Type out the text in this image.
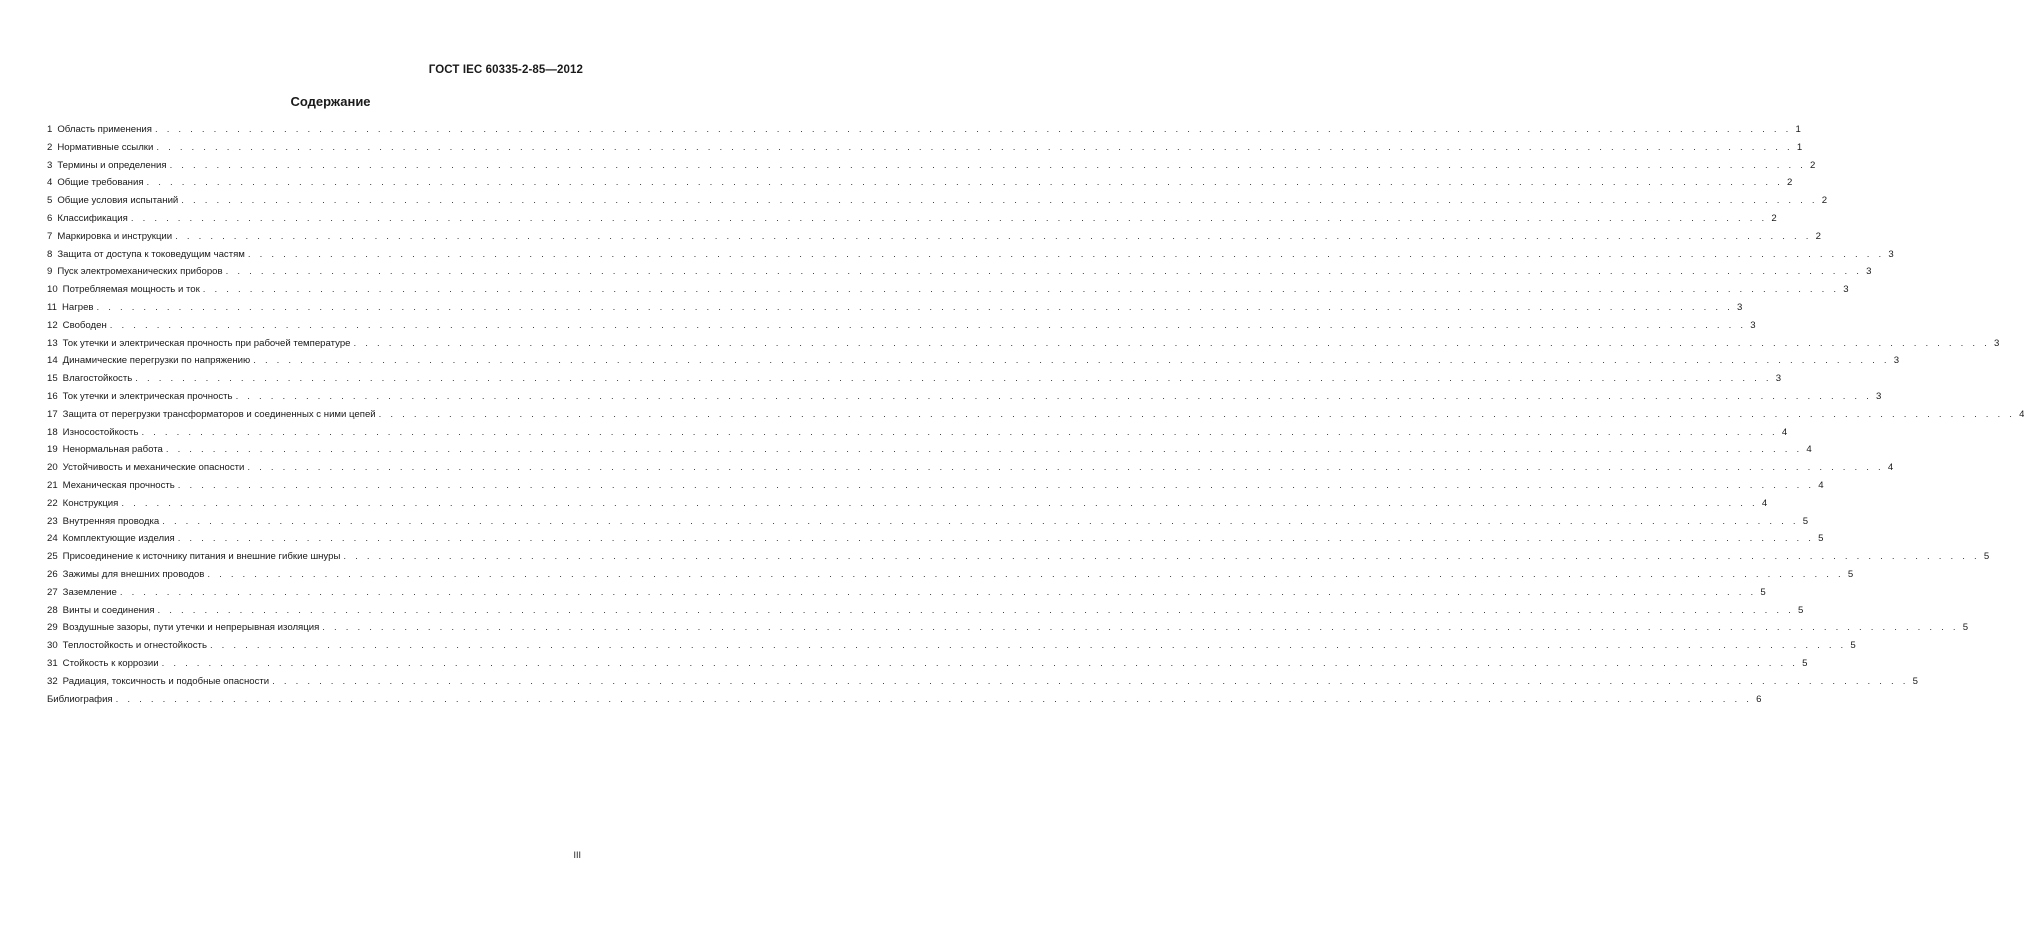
ГОСТ IEC 60335-2-85—2012
Содержание
1 Область применения . . . . . . . . . . . . . . . . . . . . . . . . . . . . . . . . . . . . . . . . . . . . . . . . . . . . . . . . . . . . . . . . . . . . . . . . . . . . . . . . . . . . . . . . . . . . . . . . . . . . . . . . . . . . . . . . . . . . . . . . . . . . . . . . . . . . . . . . . . . . 1
2 Нормативные ссылки . . . . . . . . . . . . . . . . . . . . . . . . . . . . . . . . . . . . . . . . . . . . . . . . . . . . . . . . . . . . . . . . . . . . . . . . . . . . . . . . . . . . . . . . . . . . . . . . . . . . . . . . . . . . . . . . . . . . . . . . . . . . . . . . . . . . . . . . . . . . 1
3 Термины и определения . . . . . . . . . . . . . . . . . . . . . . . . . . . . . . . . . . . . . . . . . . . . . . . . . . . . . . . . . . . . . . . . . . . . . . . . . . . . . . . . . . . . . . . . . . . . . . . . . . . . . . . . . . . . . . . . . . . . . . . . . . . . . . . . . . . . . . . . . . . . 2
4 Общие требования . . . . . . . . . . . . . . . . . . . . . . . . . . . . . . . . . . . . . . . . . . . . . . . . . . . . . . . . . . . . . . . . . . . . . . . . . . . . . . . . . . . . . . . . . . . . . . . . . . . . . . . . . . . . . . . . . . . . . . . . . . . . . . . . . . . . . . . . . . . . 2
5 Общие условия испытаний . . . . . . . . . . . . . . . . . . . . . . . . . . . . . . . . . . . . . . . . . . . . . . . . . . . . . . . . . . . . . . . . . . . . . . . . . . . . . . . . . . . . . . . . . . . . . . . . . . . . . . . . . . . . . . . . . . . . . . . . . . . . . . . . . . . . . . . . . . . . 2
6 Классификация . . . . . . . . . . . . . . . . . . . . . . . . . . . . . . . . . . . . . . . . . . . . . . . . . . . . . . . . . . . . . . . . . . . . . . . . . . . . . . . . . . . . . . . . . . . . . . . . . . . . . . . . . . . . . . . . . . . . . . . . . . . . . . . . . . . . . . . . . . . . 2
7 Маркировка и инструкции . . . . . . . . . . . . . . . . . . . . . . . . . . . . . . . . . . . . . . . . . . . . . . . . . . . . . . . . . . . . . . . . . . . . . . . . . . . . . . . . . . . . . . . . . . . . . . . . . . . . . . . . . . . . . . . . . . . . . . . . . . . . . . . . . . . . . . . . . . . . 2
8 Защита от доступа к токоведущим частям . . . . . . . . . . . . . . . . . . . . . . . . . . . . . . . . . . . . . . . . . . . . . . . . . . . . . . . . . . . . . . . . . . . . . . . . . . . . . . . . . . . . . . . . . . . . . . . . . . . . . . . . . . . . . . . . . . . . . . . . . . . . . . . . . . . . . . . . . . . . 3
9 Пуск электромеханических приборов . . . . . . . . . . . . . . . . . . . . . . . . . . . . . . . . . . . . . . . . . . . . . . . . . . . . . . . . . . . . . . . . . . . . . . . . . . . . . . . . . . . . . . . . . . . . . . . . . . . . . . . . . . . . . . . . . . . . . . . . . . . . . . . . . . . . . . . . . . . . 3
10 Потребляемая мощность и ток . . . . . . . . . . . . . . . . . . . . . . . . . . . . . . . . . . . . . . . . . . . . . . . . . . . . . . . . . . . . . . . . . . . . . . . . . . . . . . . . . . . . . . . . . . . . . . . . . . . . . . . . . . . . . . . . . . . . . . . . . . . . . . . . . . . . . . . . . . . . 3
11 Нагрев . . . . . . . . . . . . . . . . . . . . . . . . . . . . . . . . . . . . . . . . . . . . . . . . . . . . . . . . . . . . . . . . . . . . . . . . . . . . . . . . . . . . . . . . . . . . . . . . . . . . . . . . . . . . . . . . . . . . . . . . . . . . . . . . . . . . . . . . . . . . 3
12 Свободен . . . . . . . . . . . . . . . . . . . . . . . . . . . . . . . . . . . . . . . . . . . . . . . . . . . . . . . . . . . . . . . . . . . . . . . . . . . . . . . . . . . . . . . . . . . . . . . . . . . . . . . . . . . . . . . . . . . . . . . . . . . . . . . . . . . . . . . . . . . . 3
13 Ток утечки и электрическая прочность при рабочей температуре . . . . . . . . . . . . . . . . . . . . . . . . . . . . . . . . . . . . . . . . . . . . . . . . . . . . . . . . . . . . . . . . . . . . . . . . . . . . . . . . . . . . . . . . . . . . . . . . . . . . . . . . . . . . . . . . . . . . . . . . . . . . . . . . . . . . . . . . . . . . 3
14 Динамические перегрузки по напряжению . . . . . . . . . . . . . . . . . . . . . . . . . . . . . . . . . . . . . . . . . . . . . . . . . . . . . . . . . . . . . . . . . . . . . . . . . . . . . . . . . . . . . . . . . . . . . . . . . . . . . . . . . . . . . . . . . . . . . . . . . . . . . . . . . . . . . . . . . . . . 3
15 Влагостойкость . . . . . . . . . . . . . . . . . . . . . . . . . . . . . . . . . . . . . . . . . . . . . . . . . . . . . . . . . . . . . . . . . . . . . . . . . . . . . . . . . . . . . . . . . . . . . . . . . . . . . . . . . . . . . . . . . . . . . . . . . . . . . . . . . . . . . . . . . . . . 3
16 Ток утечки и электрическая прочность . . . . . . . . . . . . . . . . . . . . . . . . . . . . . . . . . . . . . . . . . . . . . . . . . . . . . . . . . . . . . . . . . . . . . . . . . . . . . . . . . . . . . . . . . . . . . . . . . . . . . . . . . . . . . . . . . . . . . . . . . . . . . . . . . . . . . . . . . . . . 3
17 Защита от перегрузки трансформаторов и соединенных с ними цепей . . . . . . . . . . . . . . . . . . . . . . . . . . . . . . . . . . . . . . . . . . . . . . . . . . . . . . . . . . . . . . . . . . . . . . . . . . . . . . . . . . . . . . . . . . . . . . . . . . . . . . . . . . . . . . . . . . . . . . . . . . . . . . . . . . . . . . . . . . . . 4
18 Износостойкость . . . . . . . . . . . . . . . . . . . . . . . . . . . . . . . . . . . . . . . . . . . . . . . . . . . . . . . . . . . . . . . . . . . . . . . . . . . . . . . . . . . . . . . . . . . . . . . . . . . . . . . . . . . . . . . . . . . . . . . . . . . . . . . . . . . . . . . . . . . . 4
19 Ненормальная работа . . . . . . . . . . . . . . . . . . . . . . . . . . . . . . . . . . . . . . . . . . . . . . . . . . . . . . . . . . . . . . . . . . . . . . . . . . . . . . . . . . . . . . . . . . . . . . . . . . . . . . . . . . . . . . . . . . . . . . . . . . . . . . . . . . . . . . . . . . . . 4
20 Устойчивость и механические опасности . . . . . . . . . . . . . . . . . . . . . . . . . . . . . . . . . . . . . . . . . . . . . . . . . . . . . . . . . . . . . . . . . . . . . . . . . . . . . . . . . . . . . . . . . . . . . . . . . . . . . . . . . . . . . . . . . . . . . . . . . . . . . . . . . . . . . . . . . . . . 4
21 Механическая прочность . . . . . . . . . . . . . . . . . . . . . . . . . . . . . . . . . . . . . . . . . . . . . . . . . . . . . . . . . . . . . . . . . . . . . . . . . . . . . . . . . . . . . . . . . . . . . . . . . . . . . . . . . . . . . . . . . . . . . . . . . . . . . . . . . . . . . . . . . . . . 4
22 Конструкция . . . . . . . . . . . . . . . . . . . . . . . . . . . . . . . . . . . . . . . . . . . . . . . . . . . . . . . . . . . . . . . . . . . . . . . . . . . . . . . . . . . . . . . . . . . . . . . . . . . . . . . . . . . . . . . . . . . . . . . . . . . . . . . . . . . . . . . . . . . . 4
23 Внутренняя проводка . . . . . . . . . . . . . . . . . . . . . . . . . . . . . . . . . . . . . . . . . . . . . . . . . . . . . . . . . . . . . . . . . . . . . . . . . . . . . . . . . . . . . . . . . . . . . . . . . . . . . . . . . . . . . . . . . . . . . . . . . . . . . . . . . . . . . . . . . . . . 5
24 Комплектующие изделия . . . . . . . . . . . . . . . . . . . . . . . . . . . . . . . . . . . . . . . . . . . . . . . . . . . . . . . . . . . . . . . . . . . . . . . . . . . . . . . . . . . . . . . . . . . . . . . . . . . . . . . . . . . . . . . . . . . . . . . . . . . . . . . . . . . . . . . . . . . . 5
25 Присоединение к источнику питания и внешние гибкие шнуры . . . . . . . . . . . . . . . . . . . . . . . . . . . . . . . . . . . . . . . . . . . . . . . . . . . . . . . . . . . . . . . . . . . . . . . . . . . . . . . . . . . . . . . . . . . . . . . . . . . . . . . . . . . . . . . . . . . . . . . . . . . . . . . . . . . . . . . . . . . . 5
26 Зажимы для внешних проводов . . . . . . . . . . . . . . . . . . . . . . . . . . . . . . . . . . . . . . . . . . . . . . . . . . . . . . . . . . . . . . . . . . . . . . . . . . . . . . . . . . . . . . . . . . . . . . . . . . . . . . . . . . . . . . . . . . . . . . . . . . . . . . . . . . . . . . . . . . . . 5
27 Заземление . . . . . . . . . . . . . . . . . . . . . . . . . . . . . . . . . . . . . . . . . . . . . . . . . . . . . . . . . . . . . . . . . . . . . . . . . . . . . . . . . . . . . . . . . . . . . . . . . . . . . . . . . . . . . . . . . . . . . . . . . . . . . . . . . . . . . . . . . . . . 5
28 Винты и соединения . . . . . . . . . . . . . . . . . . . . . . . . . . . . . . . . . . . . . . . . . . . . . . . . . . . . . . . . . . . . . . . . . . . . . . . . . . . . . . . . . . . . . . . . . . . . . . . . . . . . . . . . . . . . . . . . . . . . . . . . . . . . . . . . . . . . . . . . . . . . 5
29 Воздушные зазоры, пути утечки и непрерывная изоляция . . . . . . . . . . . . . . . . . . . . . . . . . . . . . . . . . . . . . . . . . . . . . . . . . . . . . . . . . . . . . . . . . . . . . . . . . . . . . . . . . . . . . . . . . . . . . . . . . . . . . . . . . . . . . . . . . . . . . . . . . . . . . . . . . . . . . . . . . . . . 5
30 Теплостойкость и огнестойкость . . . . . . . . . . . . . . . . . . . . . . . . . . . . . . . . . . . . . . . . . . . . . . . . . . . . . . . . . . . . . . . . . . . . . . . . . . . . . . . . . . . . . . . . . . . . . . . . . . . . . . . . . . . . . . . . . . . . . . . . . . . . . . . . . . . . . . . . . . . . 5
31 Стойкость к коррозии . . . . . . . . . . . . . . . . . . . . . . . . . . . . . . . . . . . . . . . . . . . . . . . . . . . . . . . . . . . . . . . . . . . . . . . . . . . . . . . . . . . . . . . . . . . . . . . . . . . . . . . . . . . . . . . . . . . . . . . . . . . . . . . . . . . . . . . . . . . . 5
32 Радиация, токсичность и подобные опасности . . . . . . . . . . . . . . . . . . . . . . . . . . . . . . . . . . . . . . . . . . . . . . . . . . . . . . . . . . . . . . . . . . . . . . . . . . . . . . . . . . . . . . . . . . . . . . . . . . . . . . . . . . . . . . . . . . . . . . . . . . . . . . . . . . . . . . . . . . . . 5
Библиография . . . . . . . . . . . . . . . . . . . . . . . . . . . . . . . . . . . . . . . . . . . . . . . . . . . . . . . . . . . . . . . . . . . . . . . . . . . . . . . . . . . . . . . . . . . . . . . . . . . . . . . . . . . . . . . . . . . . . . . . . . . . . . . . . . . . . . . . . . . . 6
III
